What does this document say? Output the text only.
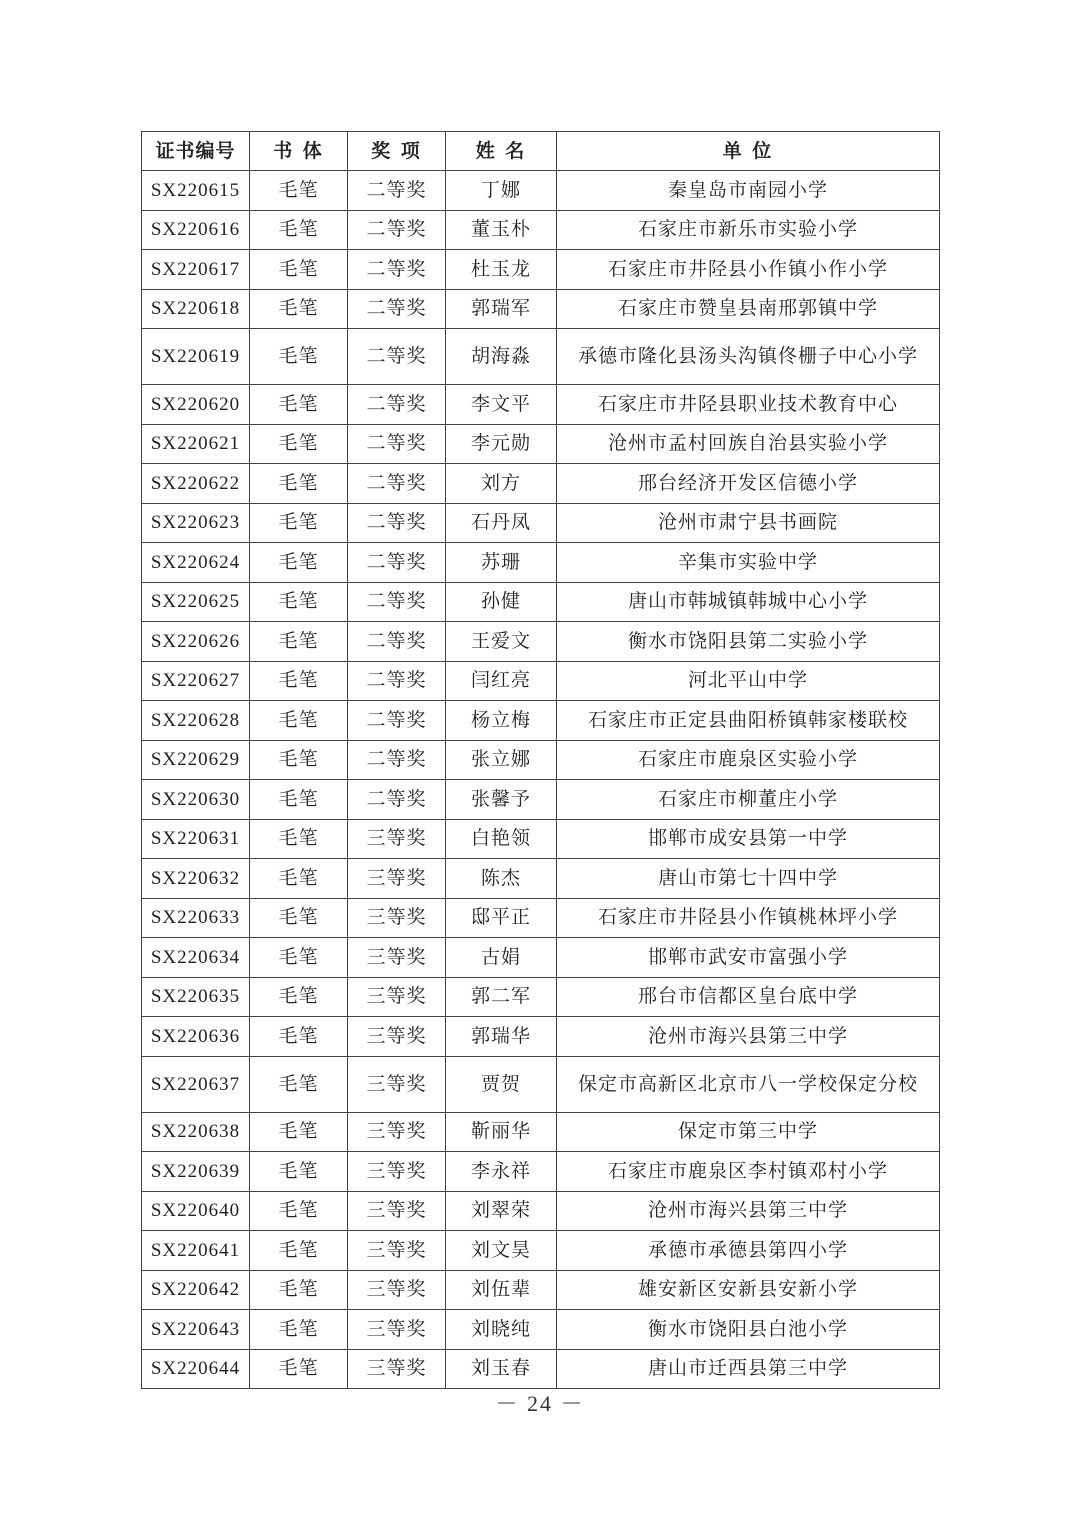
证书编号	书 体	奖 项	姓 名	单 位
SX220615	毛笔	二等奖	丁娜	秦皇岛市南园小学
SX220616	毛笔	二等奖	董玉朴	石家庄市新乐市实验小学
SX220617	毛笔	二等奖	杜玉龙	石家庄市井陉县小作镇小作小学
SX220618	毛笔	二等奖	郭瑞军	石家庄市赞皇县南邢郭镇中学
SX220619	毛笔	二等奖	胡海淼	承德市隆化县汤头沟镇佟栅子中心小学
SX220620	毛笔	二等奖	李文平	石家庄市井陉县职业技术教育中心
SX220621	毛笔	二等奖	李元勋	沧州市孟村回族自治县实验小学
SX220622	毛笔	二等奖	刘方	邢台经济开发区信德小学
SX220623	毛笔	二等奖	石丹凤	沧州市肃宁县书画院
SX220624	毛笔	二等奖	苏珊	辛集市实验中学
SX220625	毛笔	二等奖	孙健	唐山市韩城镇韩城中心小学
SX220626	毛笔	二等奖	王爱文	衡水市饶阳县第二实验小学
SX220627	毛笔	二等奖	闫红亮	河北平山中学
SX220628	毛笔	二等奖	杨立梅	石家庄市正定县曲阳桥镇韩家楼联校
SX220629	毛笔	二等奖	张立娜	石家庄市鹿泉区实验小学
SX220630	毛笔	二等奖	张馨予	石家庄市柳董庄小学
SX220631	毛笔	三等奖	白艳领	邯郸市成安县第一中学
SX220632	毛笔	三等奖	陈杰	唐山市第七十四中学
SX220633	毛笔	三等奖	邸平正	石家庄市井陉县小作镇桃林坪小学
SX220634	毛笔	三等奖	古娟	邯郸市武安市富强小学
SX220635	毛笔	三等奖	郭二军	邢台市信都区皇台底中学
SX220636	毛笔	三等奖	郭瑞华	沧州市海兴县第三中学
SX220637	毛笔	三等奖	贾贺	保定市高新区北京市八一学校保定分校
SX220638	毛笔	三等奖	靳丽华	保定市第三中学
SX220639	毛笔	三等奖	李永祥	石家庄市鹿泉区李村镇邓村小学
SX220640	毛笔	三等奖	刘翠荣	沧州市海兴县第三中学
SX220641	毛笔	三等奖	刘文昊	承德市承德县第四小学
SX220642	毛笔	三等奖	刘伍辈	雄安新区安新县安新小学
SX220643	毛笔	三等奖	刘晓纯	衡水市饶阳县白池小学
SX220644	毛笔	三等奖	刘玉春	唐山市迁西县第三中学
－ 24 －
